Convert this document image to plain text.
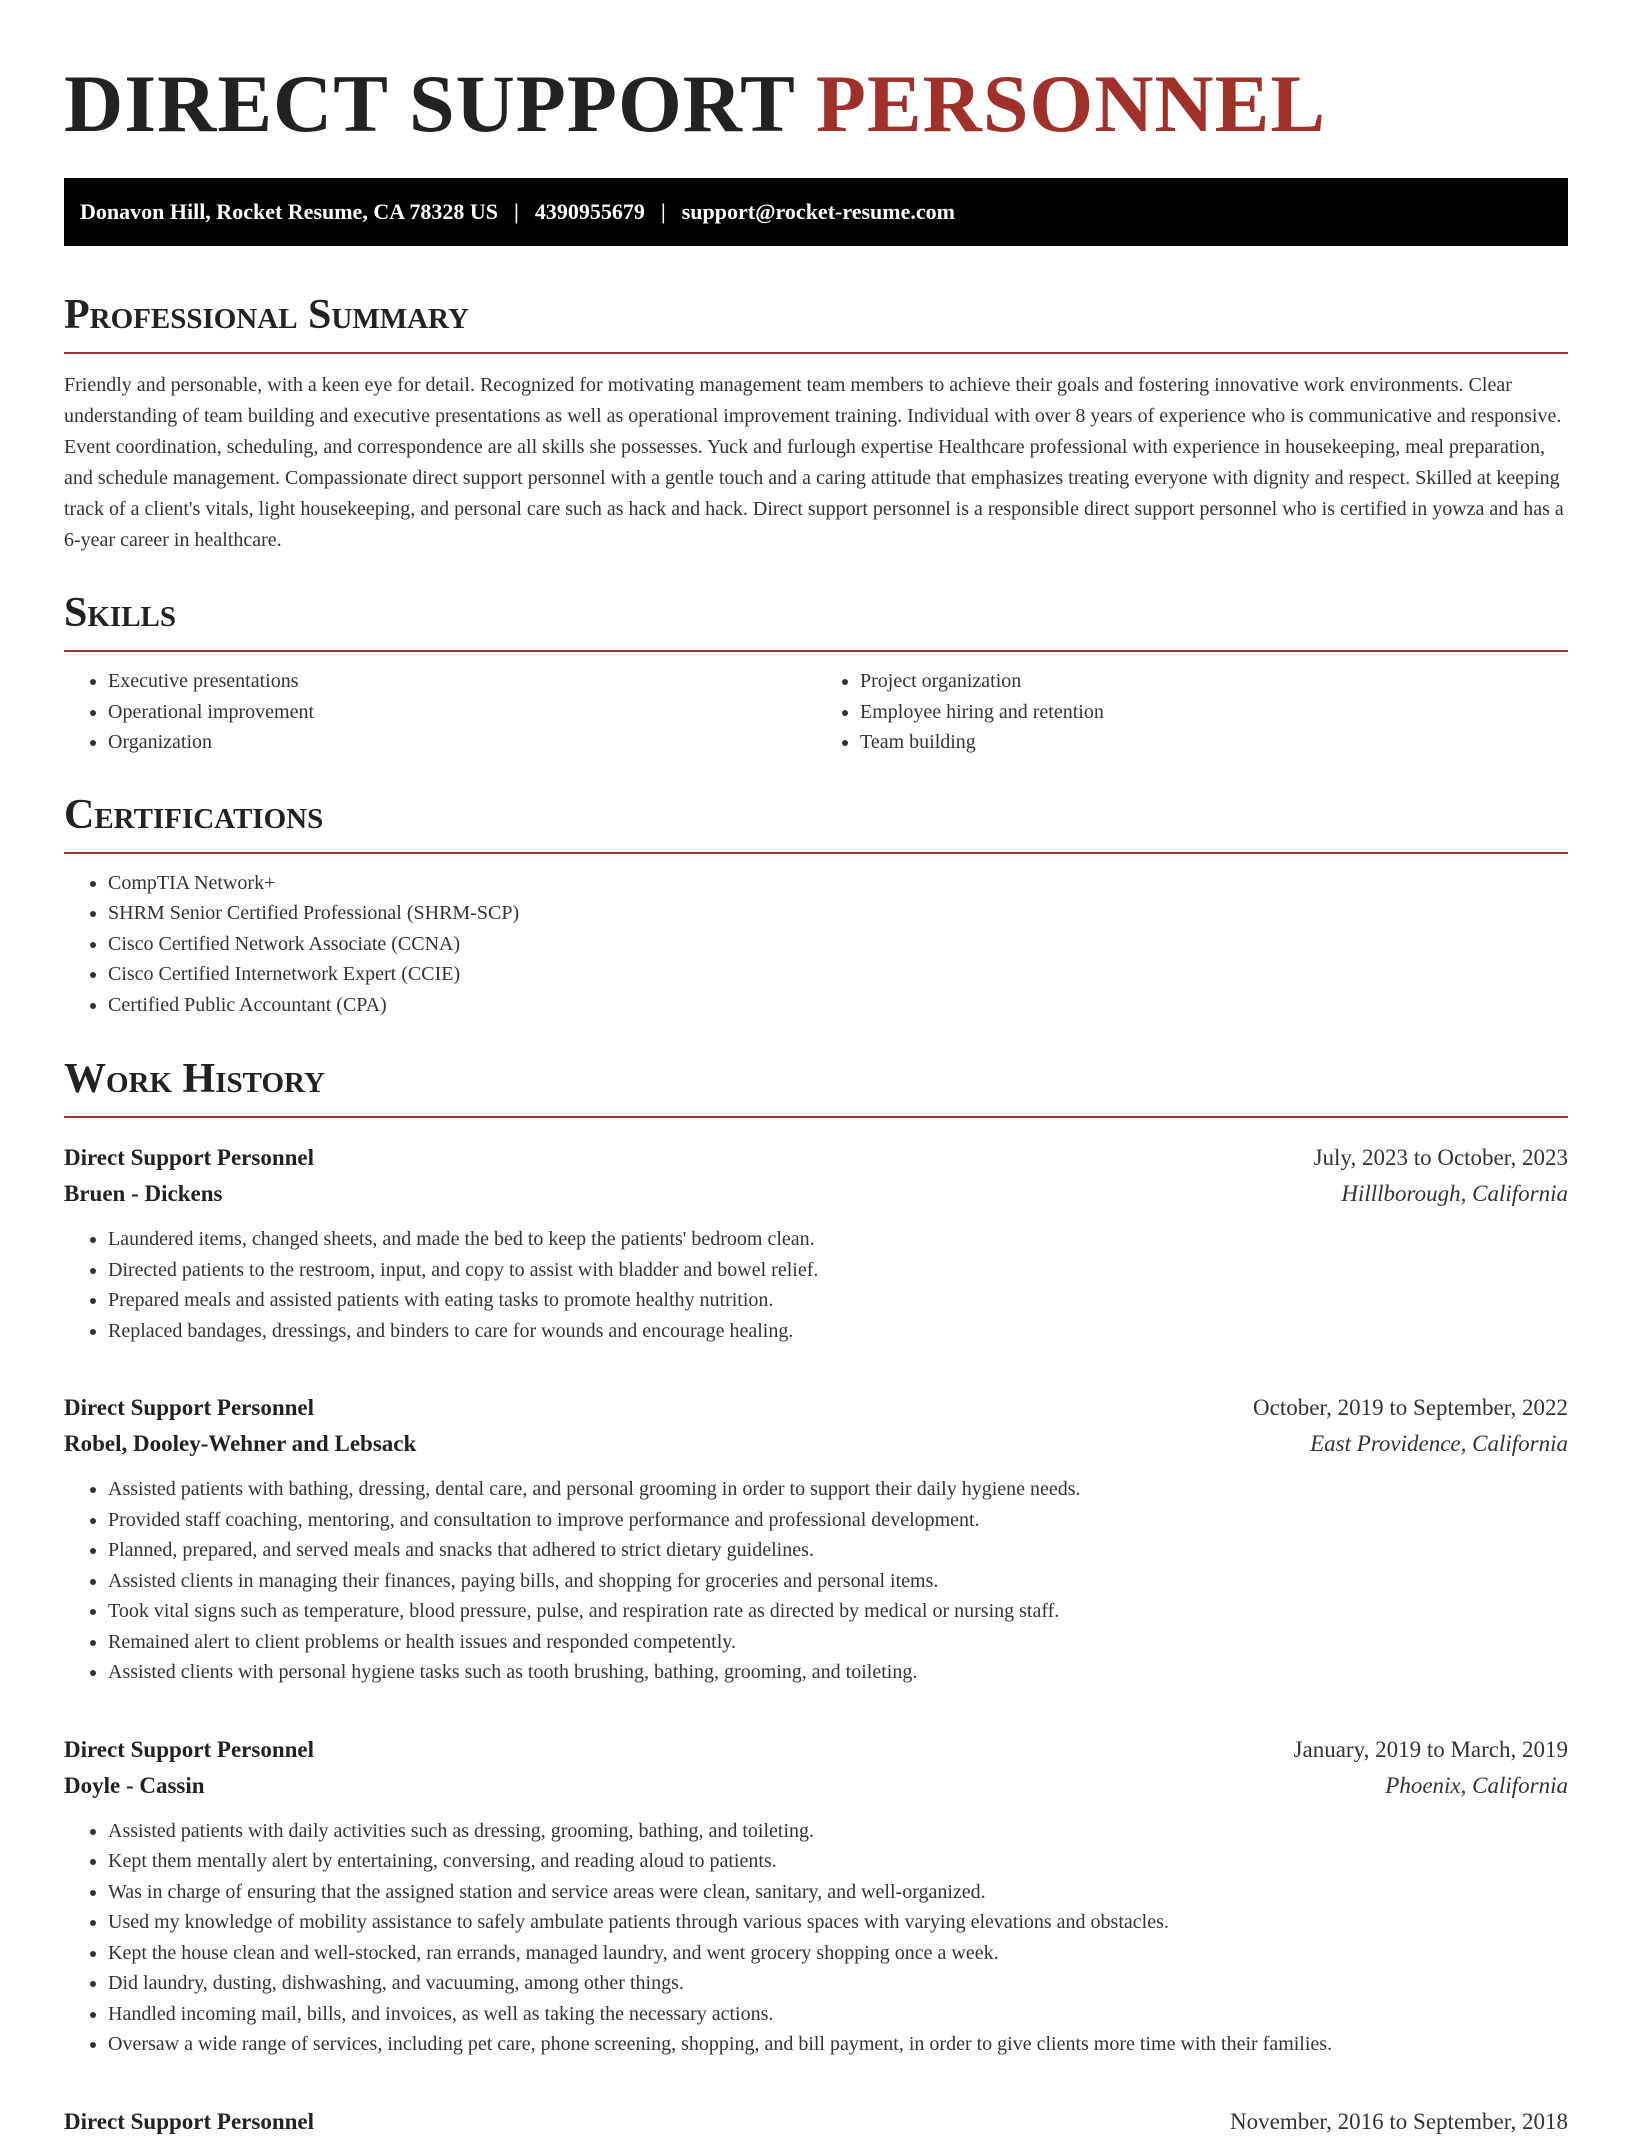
DIRECT SUPPORT PERSONNEL
Donavon Hill, Rocket Resume, CA 78328 US | 4390955679 | support@rocket-resume.com
Professional Summary

Friendly and personable, with a keen eye for detail. Recognized for motivating management team members to achieve their goals and fostering innovative work environments. Clear understanding of team building and executive presentations as well as operational improvement training. Individual with over 8 years of experience who is communicative and responsive. Event coordination, scheduling, and correspondence are all skills she possesses. Yuck and furlough expertise Healthcare professional with experience in housekeeping, meal preparation, and schedule management. Compassionate direct support personnel with a gentle touch and a caring attitude that emphasizes treating everyone with dignity and respect. Skilled at keeping track of a client's vitals, light housekeeping, and personal care such as hack and hack. Direct support personnel is a responsible direct support personnel who is certified in yowza and has a 6-year career in healthcare.

Skills
• Executive presentations
• Operational improvement
• Organization
• Project organization
• Employee hiring and retention
• Team building
Certifications
• CompTIA Network+
• SHRM Senior Certified Professional (SHRM-SCP)
• Cisco Certified Network Associate (CCNA)
• Cisco Certified Internetwork Expert (CCIE)
• Certified Public Accountant (CPA)
Work History
Direct Support Personnel	July, 2023 to October, 2023
Bruen - Dickens	Hilllborough, California
• Laundered items, changed sheets, and made the bed to keep the patients' bedroom clean.
• Directed patients to the restroom, input, and copy to assist with bladder and bowel relief.
• Prepared meals and assisted patients with eating tasks to promote healthy nutrition.
• Replaced bandages, dressings, and binders to care for wounds and encourage healing.
Direct Support Personnel	October, 2019 to September, 2022
Robel, Dooley-Wehner and Lebsack	East Providence, California
• Assisted patients with bathing, dressing, dental care, and personal grooming in order to support their daily hygiene needs.
• Provided staff coaching, mentoring, and consultation to improve performance and professional development.
• Planned, prepared, and served meals and snacks that adhered to strict dietary guidelines.
• Assisted clients in managing their finances, paying bills, and shopping for groceries and personal items.
• Took vital signs such as temperature, blood pressure, pulse, and respiration rate as directed by medical or nursing staff.
• Remained alert to client problems or health issues and responded competently.
• Assisted clients with personal hygiene tasks such as tooth brushing, bathing, grooming, and toileting.
Direct Support Personnel	January, 2019 to March, 2019
Doyle - Cassin	Phoenix, California
• Assisted patients with daily activities such as dressing, grooming, bathing, and toileting.
• Kept them mentally alert by entertaining, conversing, and reading aloud to patients.
• Was in charge of ensuring that the assigned station and service areas were clean, sanitary, and well-organized.
• Used my knowledge of mobility assistance to safely ambulate patients through various spaces with varying elevations and obstacles.
• Kept the house clean and well-stocked, ran errands, managed laundry, and went grocery shopping once a week.
• Did laundry, dusting, dishwashing, and vacuuming, among other things.
• Handled incoming mail, bills, and invoices, as well as taking the necessary actions.
• Oversaw a wide range of services, including pet care, phone screening, shopping, and bill payment, in order to give clients more time with their families.
Direct Support Personnel	November, 2016 to September, 2018
